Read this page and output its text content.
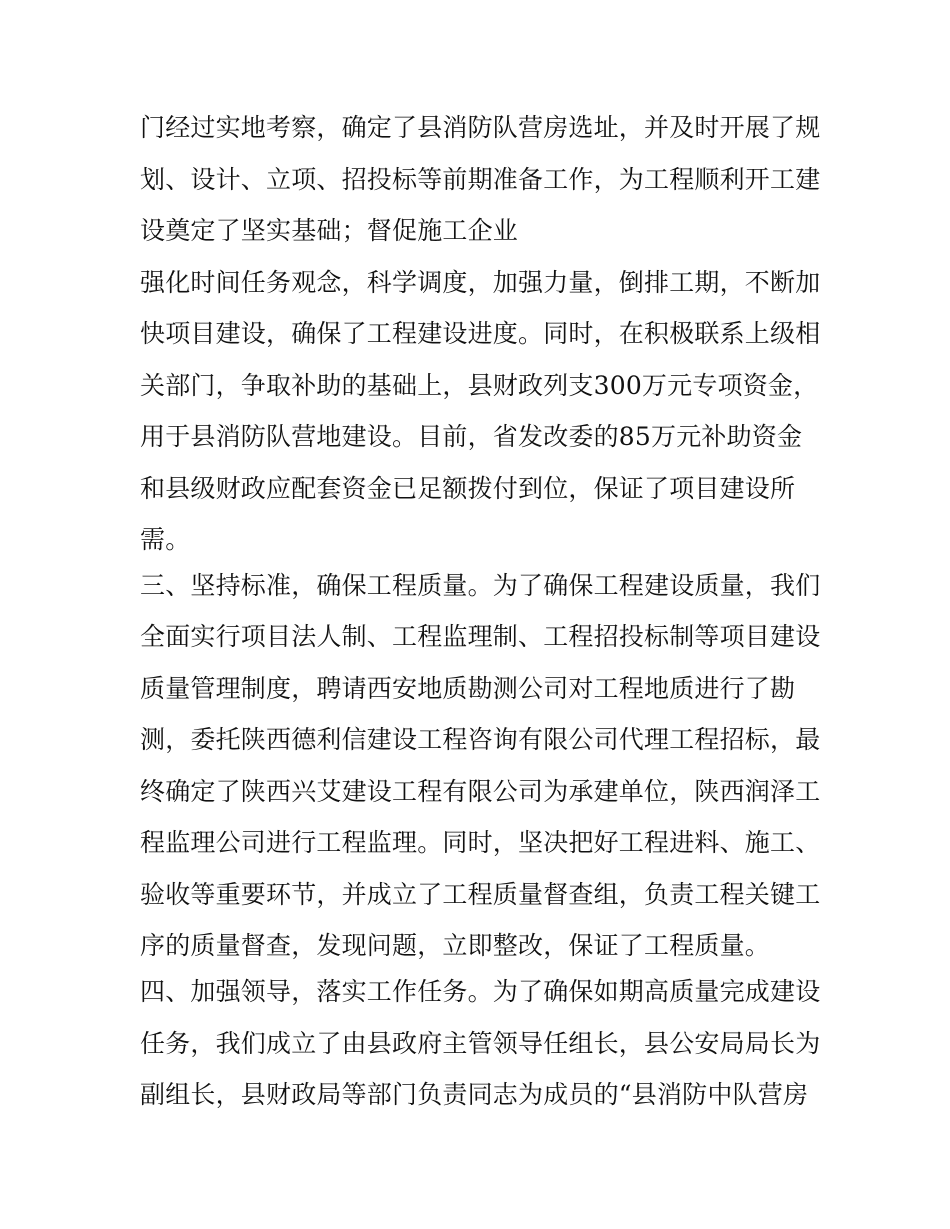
门经过实地考察，确定了县消防队营房选址，并及时开展了规
划、设计、立项、招投标等前期准备工作，为工程顺利开工建
设奠定了坚实基础；督促施工企业
强化时间任务观念，科学调度，加强力量，倒排工期，不断加
快项目建设，确保了工程建设进度。同时，在积极联系上级相
关部门，争取补助的基础上，县财政列支300万元专项资金，
用于县消防队营地建设。目前，省发改委的85万元补助资金
和县级财政应配套资金已足额拨付到位，保证了项目建设所
需。
三、坚持标准，确保工程质量。为了确保工程建设质量，我们
全面实行项目法人制、工程监理制、工程招投标制等项目建设
质量管理制度，聘请西安地质勘测公司对工程地质进行了勘
测，委托陕西德利信建设工程咨询有限公司代理工程招标，最
终确定了陕西兴艾建设工程有限公司为承建单位，陕西润泽工
程监理公司进行工程监理。同时，坚决把好工程进料、施工、
验收等重要环节，并成立了工程质量督查组，负责工程关键工
序的质量督查，发现问题，立即整改，保证了工程质量。
四、加强领导，落实工作任务。为了确保如期高质量完成建设
任务，我们成立了由县政府主管领导任组长，县公安局局长为
副组长，县财政局等部门负责同志为成员的“县消防中队营房
